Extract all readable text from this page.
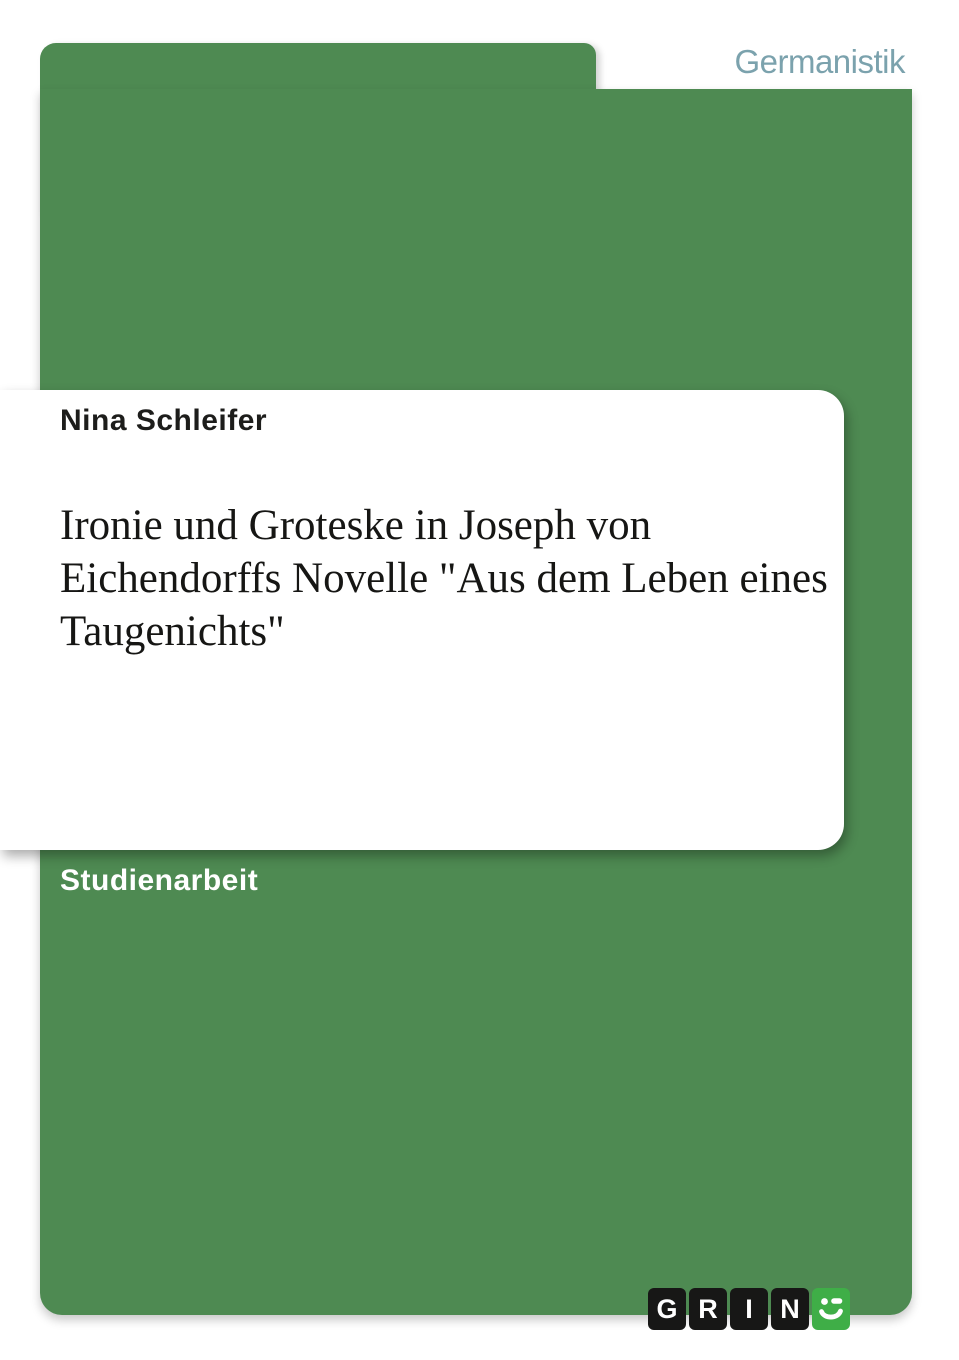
Germanistik
Nina Schleifer
Ironie und Groteske in Joseph von Eichendorffs Novelle "Aus dem Leben eines Taugenichts"
Studienarbeit
G R I N
